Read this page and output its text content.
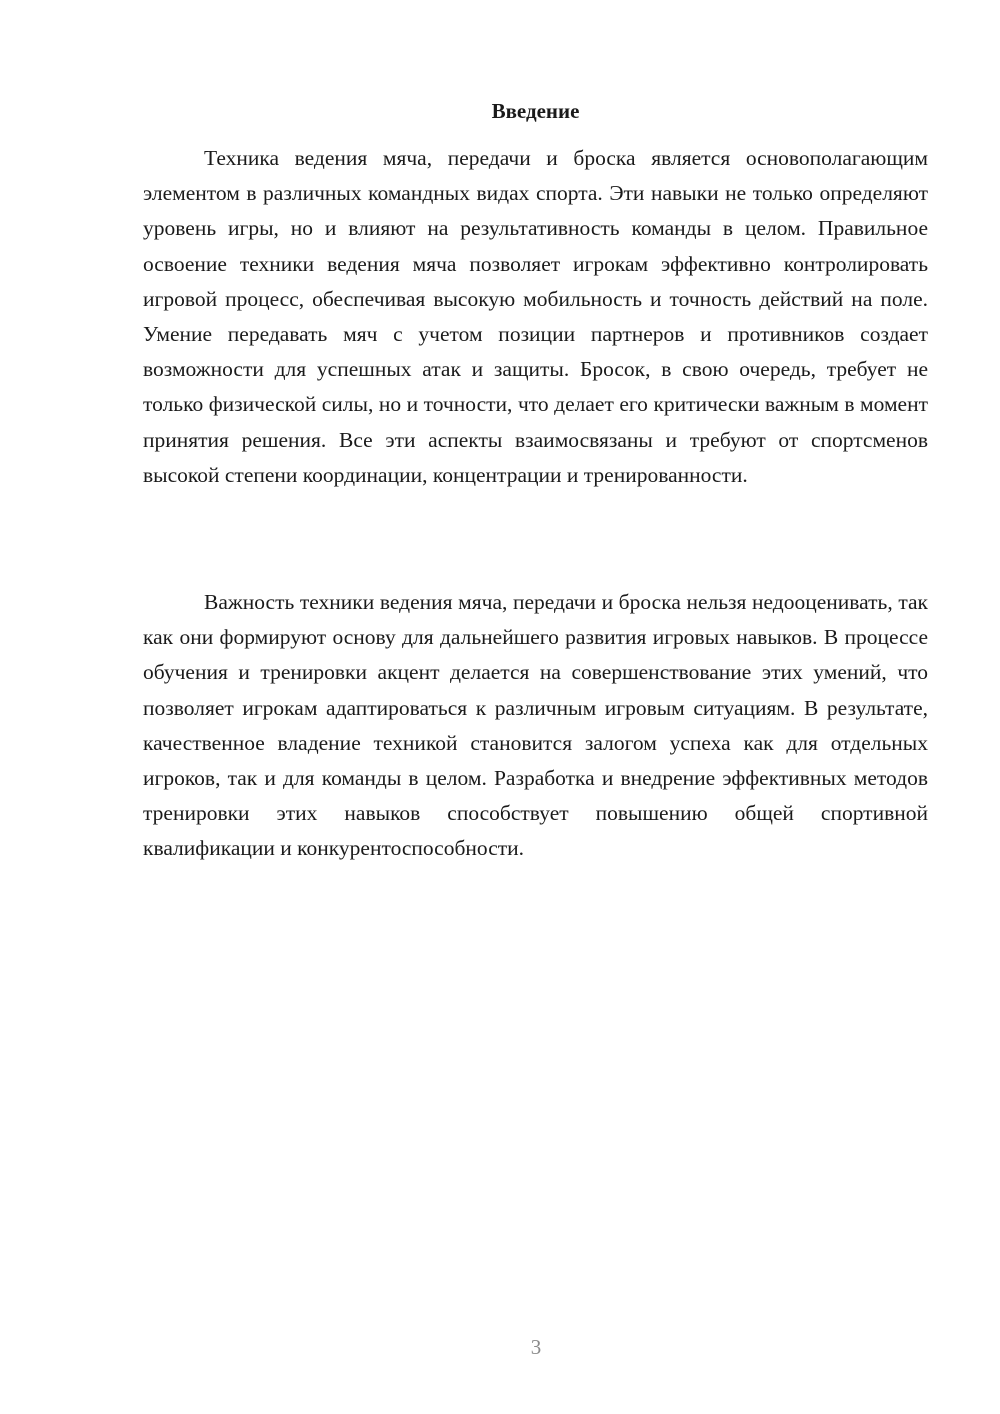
Введение

Техника ведения мяча, передачи и броска является основополагающим элементом в различных командных видах спорта. Эти навыки не только определяют уровень игры, но и влияют на результативность команды в целом. Правильное освоение техники ведения мяча позволяет игрокам эффективно контролировать игровой процесс, обеспечивая высокую мобильность и точность действий на поле. Умение передавать мяч с учетом позиции партнеров и противников создает возможности для успешных атак и защиты. Бросок, в свою очередь, требует не только физической силы, но и точности, что делает его критически важным в момент принятия решения. Все эти аспекты взаимосвязаны и требуют от спортсменов высокой степени координации, концентрации и тренированности.

Важность техники ведения мяча, передачи и броска нельзя недооценивать, так как они формируют основу для дальнейшего развития игровых навыков. В процессе обучения и тренировки акцент делается на совершенствование этих умений, что позволяет игрокам адаптироваться к различным игровым ситуациям. В результате, качественное владение техникой становится залогом успеха как для отдельных игроков, так и для команды в целом. Разработка и внедрение эффективных методов тренировки этих навыков способствует повышению общей спортивной квалификации и конкурентоспособности.

3
